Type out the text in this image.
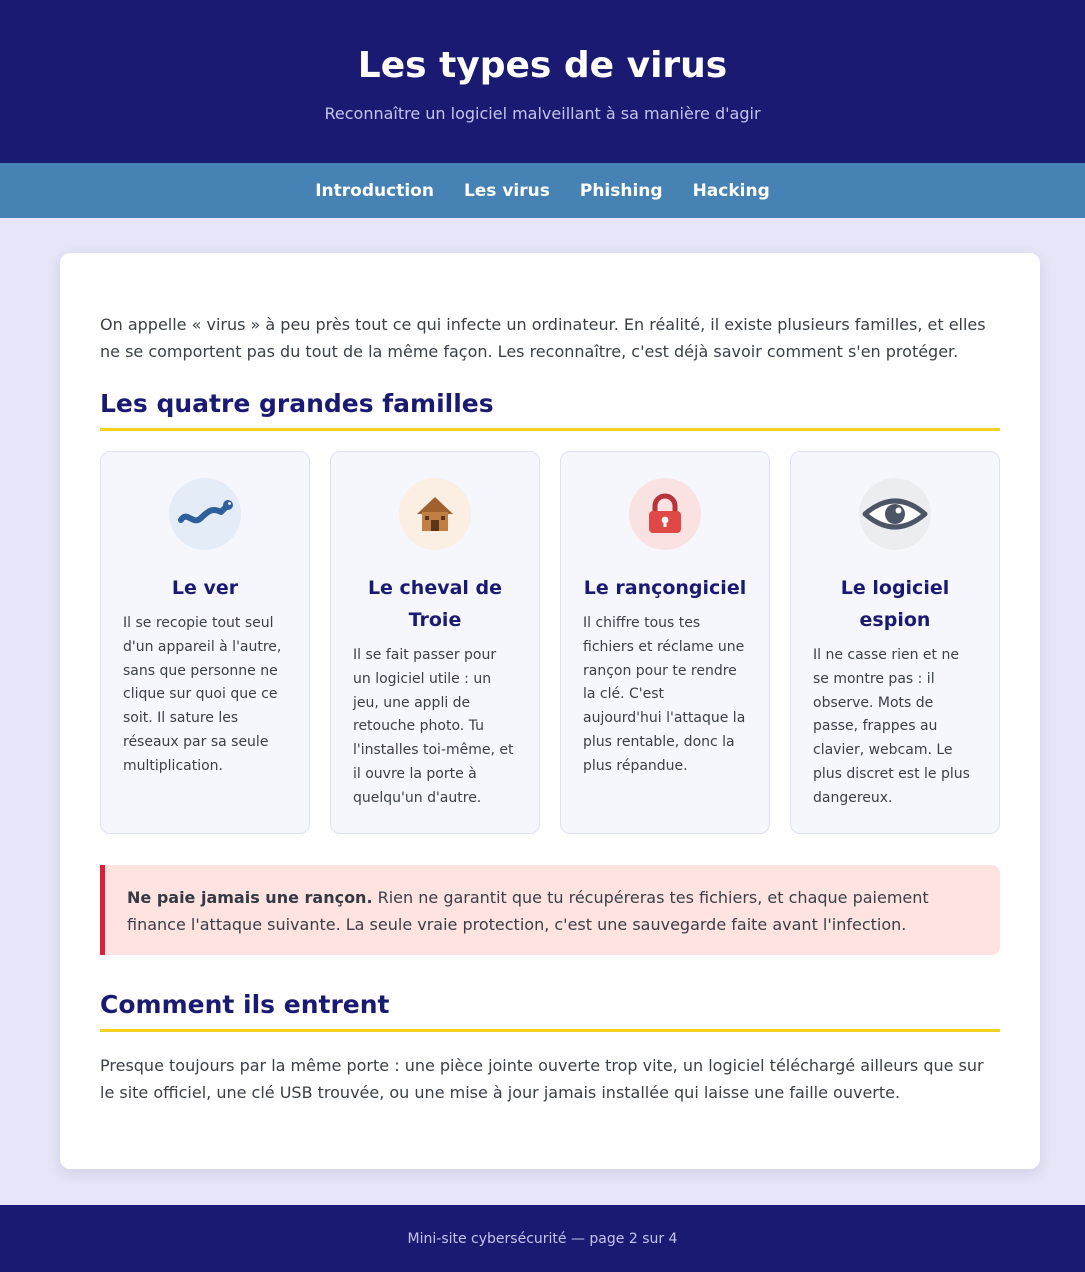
Les types de virus

Reconnaître un logiciel malveillant à sa manière d'agir

Introduction Les virus Phishing Hacking

On appelle « virus » à peu près tout ce qui infecte un ordinateur. En réalité, il existe plusieurs familles, et elles ne se comportent pas du tout de la même façon. Les reconnaître, c'est déjà savoir comment s'en protéger.

Les quatre grandes familles
Le ver

Il se recopie tout seul d'un appareil à l'autre, sans que personne ne clique sur quoi que ce soit. Il sature les réseaux par sa seule multiplication.

Le cheval de Troie

Il se fait passer pour un logiciel utile : un jeu, une appli de retouche photo. Tu l'installes toi-même, et il ouvre la porte à quelqu'un d'autre.

Le rançongiciel

Il chiffre tous tes fichiers et réclame une rançon pour te rendre la clé. C'est aujourd'hui l'attaque la plus rentable, donc la plus répandue.

Le logiciel espion

Il ne casse rien et ne se montre pas : il observe. Mots de passe, frappes au clavier, webcam. Le plus discret est le plus dangereux.

Ne paie jamais une rançon. Rien ne garantit que tu récupéreras tes fichiers, et chaque paiement finance l'attaque suivante. La seule vraie protection, c'est une sauvegarde faite avant l'infection.
Comment ils entrent

Presque toujours par la même porte : une pièce jointe ouverte trop vite, un logiciel téléchargé ailleurs que sur le site officiel, une clé USB trouvée, ou une mise à jour jamais installée qui laisse une faille ouverte.

Mini-site cybersécurité — page 2 sur 4
